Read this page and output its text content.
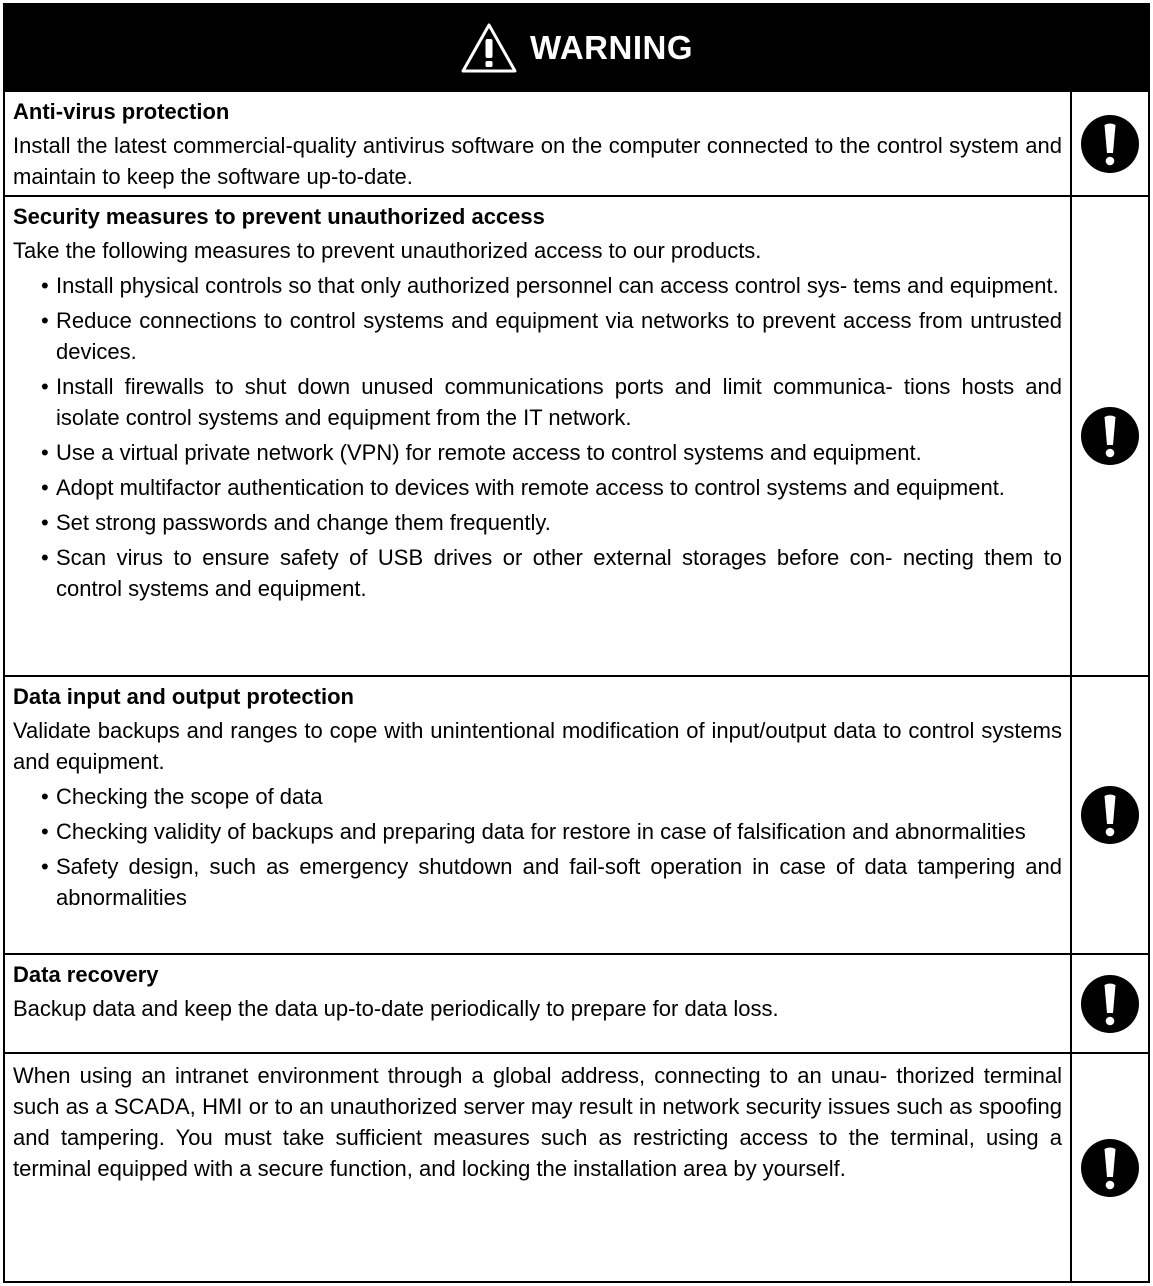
WARNING
Anti-virus protection
Install the latest commercial-quality antivirus software on the computer connected to the control system and maintain to keep the software up-to-date.
Security measures to prevent unauthorized access
Take the following measures to prevent unauthorized access to our products.
• Install physical controls so that only authorized personnel can access control sys- tems and equipment.
• Reduce connections to control systems and equipment via networks to prevent access from untrusted devices.
• Install firewalls to shut down unused communications ports and limit communica- tions hosts and isolate control systems and equipment from the IT network.
• Use a virtual private network (VPN) for remote access to control systems and equipment.
• Adopt multifactor authentication to devices with remote access to control systems and equipment.
• Set strong passwords and change them frequently.
• Scan virus to ensure safety of USB drives or other external storages before con- necting them to control systems and equipment.
Data input and output protection
Validate backups and ranges to cope with unintentional modification of input/output data to control systems and equipment.
• Checking the scope of data
• Checking validity of backups and preparing data for restore in case of falsification and abnormalities
• Safety design, such as emergency shutdown and fail-soft operation in case of data tampering and abnormalities
Data recovery
Backup data and keep the data up-to-date periodically to prepare for data loss.
When using an intranet environment through a global address, connecting to an unau- thorized terminal such as a SCADA, HMI or to an unauthorized server may result in network security issues such as spoofing and tampering. You must take sufficient measures such as restricting access to the terminal, using a terminal equipped with a secure function, and locking the installation area by yourself.
